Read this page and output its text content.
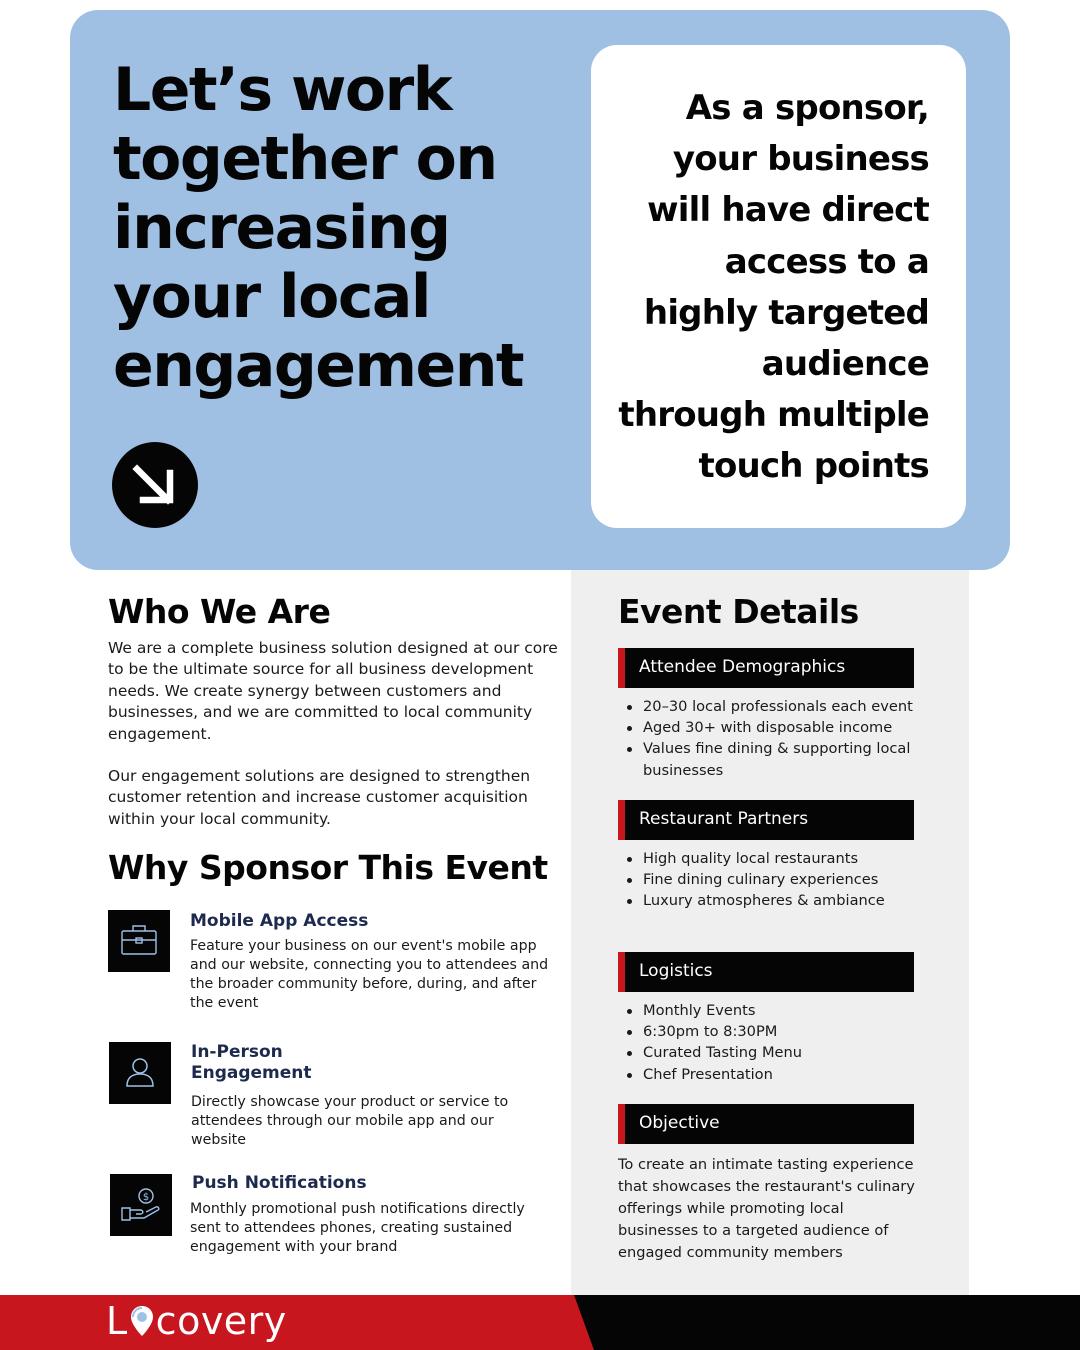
Let’s work together on increasing your local engagement
As a sponsor, your business will have direct access to a highly targeted audience through multiple touch points
Who We Are

We are a complete business solution designed at our core to be the ultimate source for all business development needs. We create synergy between customers and businesses, and we are committed to local community engagement.

Our engagement solutions are designed to strengthen customer retention and increase customer acquisition within your local community.

Why Sponsor This Event
Mobile App Access
Feature your business on our event's mobile app and our website, connecting you to attendees and the broader community before, during, and after the event
In-Person
Engagement
Directly showcase your product or service to attendees through our mobile app and our website
$
Push Notifications
Monthly promotional push notifications directly sent to attendees phones, creating sustained engagement with your brand
Event Details
Attendee Demographics
20–30 local professionals each event
Aged 30+ with disposable income
Values fine dining & supporting local businesses
Restaurant Partners
High quality local restaurants
Fine dining culinary experiences
Luxury atmospheres & ambiance
Logistics
Monthly Events
6:30pm to 8:30PM
Curated Tasting Menu
Chef Presentation
Objective

To create an intimate tasting experience that showcases the restaurant's culinary offerings while promoting local businesses to a targeted audience of engaged community members

L covery
